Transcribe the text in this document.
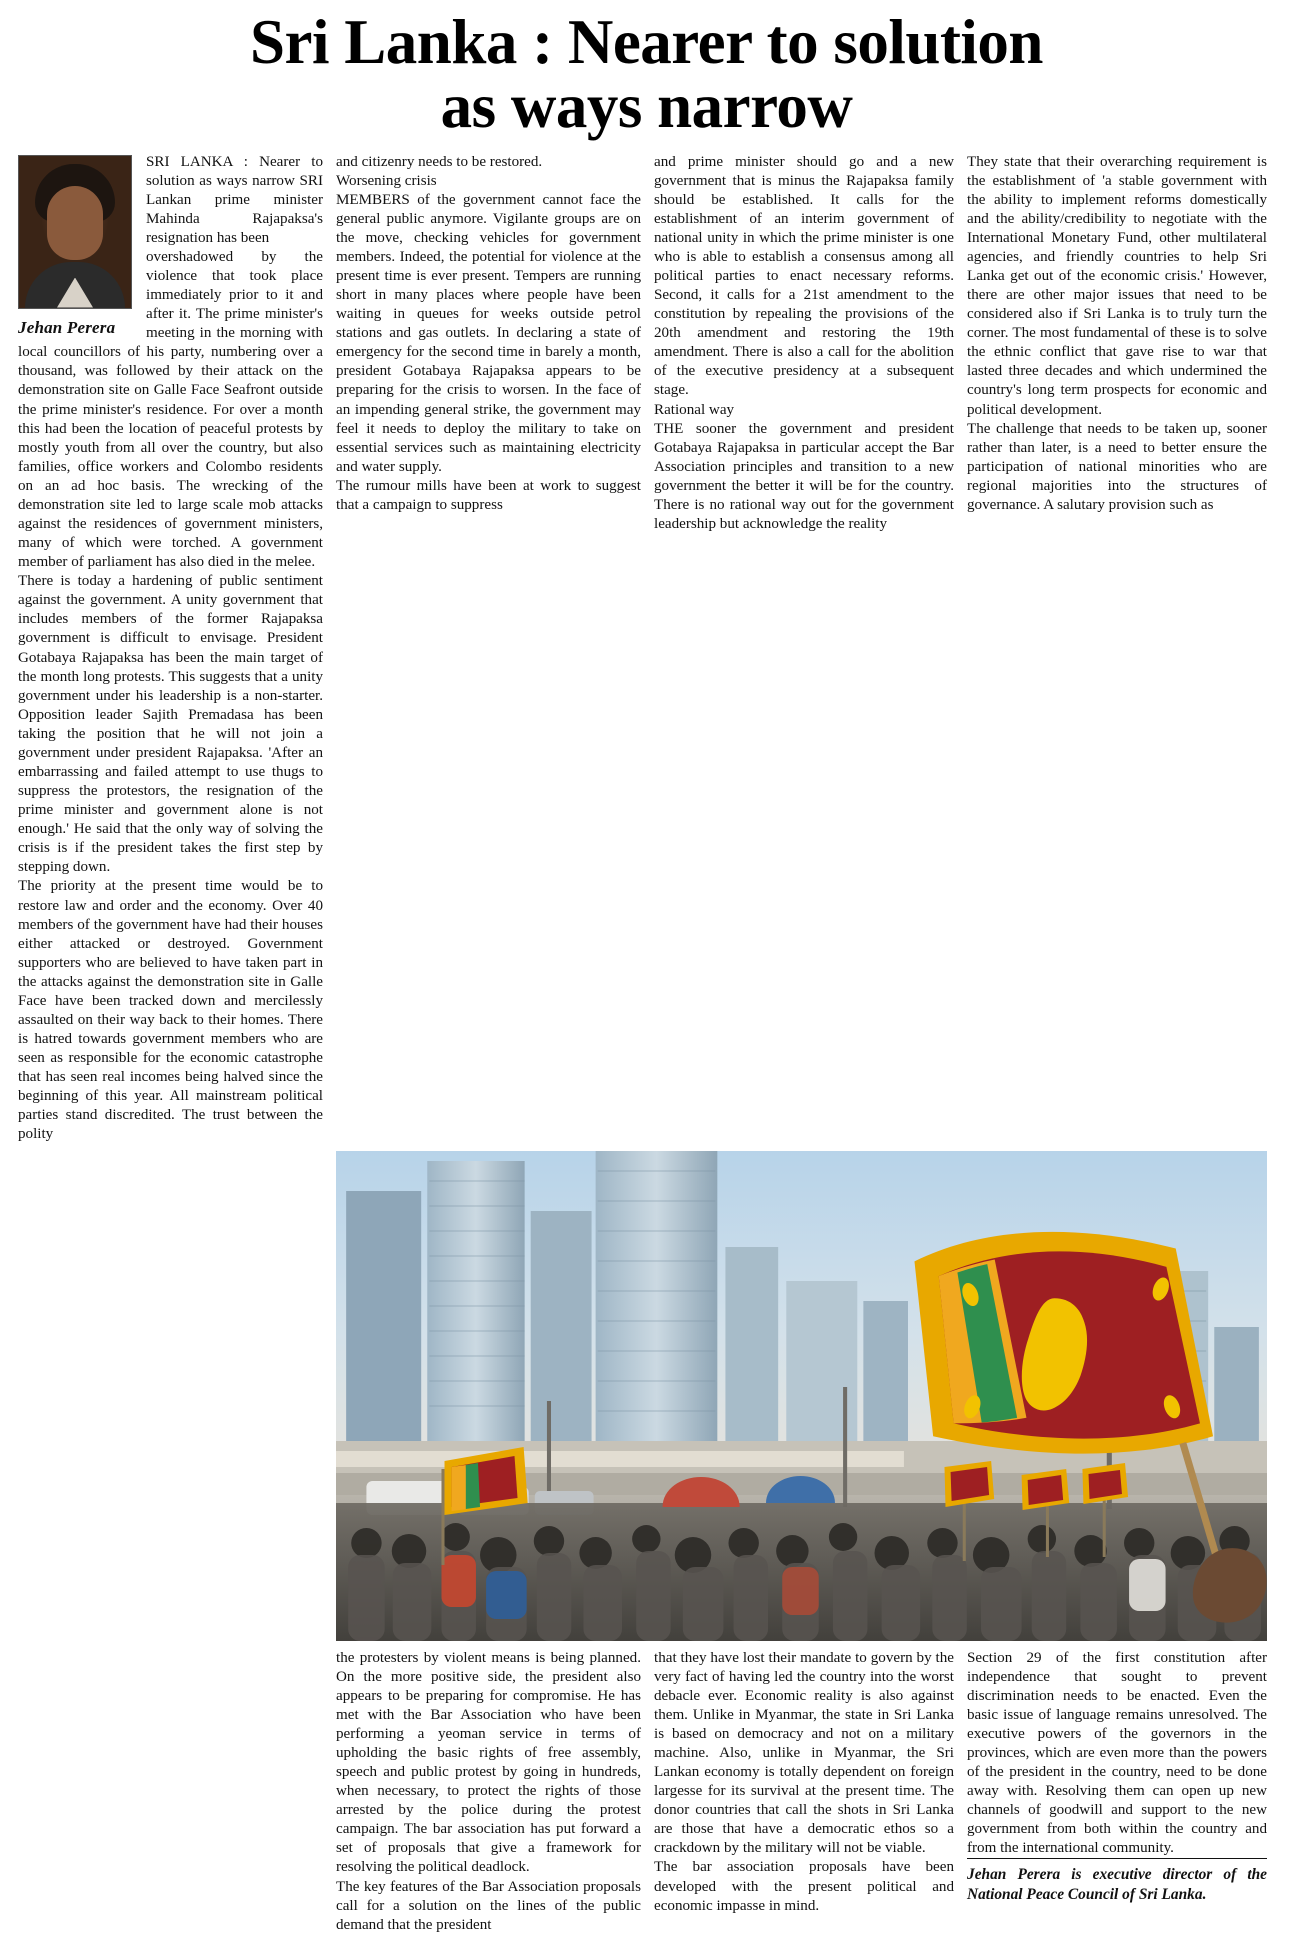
Sri Lanka : Nearer to solution
as ways narrow
Jehan Perera

SRI LANKA : Nearer to solution as ways narrow SRI Lankan prime minister Mahinda Rajapaksa's resignation has been

overshadowed by the violence that took place immediately prior to it and after it. The prime minister's meeting in the morning with local councillors of his party, numbering over a thousand, was followed by their attack on the demonstration site on Galle Face Seafront outside the prime minister's residence. For over a month this had been the location of peaceful protests by mostly youth from all over the country, but also families, office workers and Colombo residents on an ad hoc basis. The wrecking of the demonstration site led to large scale mob attacks against the residences of government ministers, many of which were torched. A government member of parliament has also died in the melee.

There is today a hardening of public sentiment against the government. A unity government that includes members of the former Rajapaksa government is difficult to envisage. President Gotabaya Rajapaksa has been the main target of the month long protests. This suggests that a unity government under his leadership is a non-starter. Opposition leader Sajith Premadasa has been taking the position that he will not join a government under president Rajapaksa. 'After an embarrassing and failed attempt to use thugs to suppress the protestors, the resignation of the prime minister and government alone is not enough.' He said that the only way of solving the crisis is if the president takes the first step by stepping down.

The priority at the present time would be to restore law and order and the economy. Over 40 members of the government have had their houses either attacked or destroyed. Government supporters who are believed to have taken part in the attacks against the demonstration site in Galle Face have been tracked down and mercilessly assaulted on their way back to their homes. There is hatred towards government members who are seen as responsible for the economic catastrophe that has seen real incomes being halved since the beginning of this year. All mainstream political parties stand discredited. The trust between the polity

and citizenry needs to be restored.

Worsening crisis

MEMBERS of the government cannot face the general public anymore. Vigilante groups are on the move, checking vehicles for government members. Indeed, the potential for violence at the present time is ever present. Tempers are running short in many places where people have been waiting in queues for weeks outside petrol stations and gas outlets. In declaring a state of emergency for the second time in barely a month, president Gotabaya Rajapaksa appears to be preparing for the crisis to worsen. In the face of an impending general strike, the government may feel it needs to deploy the military to take on essential services such as maintaining electricity and water supply.

The rumour mills have been at work to suggest that a campaign to suppress

and prime minister should go and a new government that is minus the Rajapaksa family should be established. It calls for the establishment of an interim government of national unity in which the prime minister is one who is able to establish a consensus among all political parties to enact necessary reforms. Second, it calls for a 21st amendment to the constitution by repealing the provisions of the 20th amendment and restoring the 19th amendment. There is also a call for the abolition of the executive presidency at a subsequent stage.

Rational way

THE sooner the government and president Gotabaya Rajapaksa in particular accept the Bar Association principles and transition to a new government the better it will be for the country. There is no rational way out for the government leadership but acknowledge the reality

They state that their overarching requirement is the establishment of 'a stable government with the ability to implement reforms domestically and the ability/credibility to negotiate with the International Monetary Fund, other multilateral agencies, and friendly countries to help Sri Lanka get out of the economic crisis.' However, there are other major issues that need to be considered also if Sri Lanka is to truly turn the corner. The most fundamental of these is to solve the ethnic conflict that gave rise to war that lasted three decades and which undermined the country's long term prospects for economic and political development.

The challenge that needs to be taken up, sooner rather than later, is a need to better ensure the participation of national minorities who are regional majorities into the structures of governance. A salutary provision such as

the protesters by violent means is being planned. On the more positive side, the president also appears to be preparing for compromise. He has met with the Bar Association who have been performing a yeoman service in terms of upholding the basic rights of free assembly, speech and public protest by going in hundreds, when necessary, to protect the rights of those arrested by the police during the protest campaign. The bar association has put forward a set of proposals that give a framework for resolving the political deadlock.

The key features of the Bar Association proposals call for a solution on the lines of the public demand that the president

that they have lost their mandate to govern by the very fact of having led the country into the worst debacle ever. Economic reality is also against them. Unlike in Myanmar, the state in Sri Lanka is based on democracy and not on a military machine. Also, unlike in Myanmar, the Sri Lankan economy is totally dependent on foreign largesse for its survival at the present time. The donor countries that call the shots in Sri Lanka are those that have a democratic ethos so a crackdown by the military will not be viable.

The bar association proposals have been developed with the present political and economic impasse in mind.

Section 29 of the first constitution after independence that sought to prevent discrimination needs to be enacted. Even the basic issue of language remains unresolved. The executive powers of the governors in the provinces, which are even more than the powers of the president in the country, need to be done away with. Resolving them can open up new channels of goodwill and support to the new government from both within the country and from the international community.

Jehan Perera is executive director of the National Peace Council of Sri Lanka.
